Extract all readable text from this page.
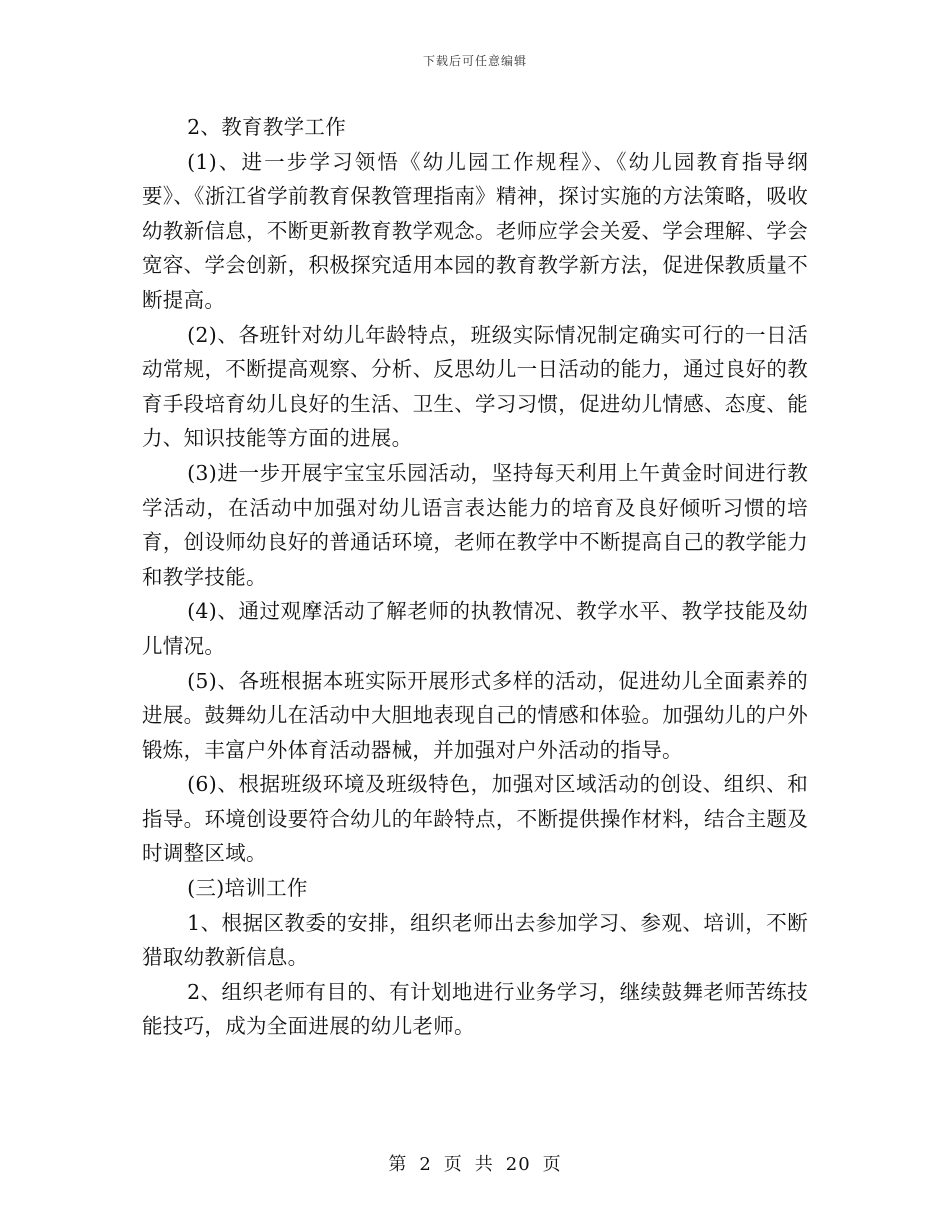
下载后可任意编辑

2、教育教学工作

(1)、进一步学习领悟《幼儿园工作规程》、《幼儿园教育指导纲要》、《浙江省学前教育保教管理指南》精神，探讨实施的方法策略，吸收幼教新信息，不断更新教育教学观念。老师应学会关爱、学会理解、学会宽容、学会创新，积极探究适用本园的教育教学新方法，促进保教质量不断提高。

(2)、各班针对幼儿年龄特点，班级实际情况制定确实可行的一日活动常规，不断提高观察、分析、反思幼儿一日活动的能力，通过良好的教育手段培育幼儿良好的生活、卫生、学习习惯，促进幼儿情感、态度、能力、知识技能等方面的进展。

(3)进一步开展宇宝宝乐园活动，坚持每天利用上午黄金时间进行教学活动，在活动中加强对幼儿语言表达能力的培育及良好倾听习惯的培育，创设师幼良好的普通话环境，老师在教学中不断提高自己的教学能力和教学技能。

(4)、通过观摩活动了解老师的执教情况、教学水平、教学技能及幼儿情况。

(5)、各班根据本班实际开展形式多样的活动，促进幼儿全面素养的进展。鼓舞幼儿在活动中大胆地表现自己的情感和体验。加强幼儿的户外锻炼，丰富户外体育活动器械，并加强对户外活动的指导。

(6)、根据班级环境及班级特色，加强对区域活动的创设、组织、和指导。环境创设要符合幼儿的年龄特点，不断提供操作材料，结合主题及时调整区域。

(三)培训工作

1、根据区教委的安排，组织老师出去参加学习、参观、培训，不断猎取幼教新信息。

2、组织老师有目的、有计划地进行业务学习，继续鼓舞老师苦练技能技巧，成为全面进展的幼儿老师。

第 2 页 共 20 页
